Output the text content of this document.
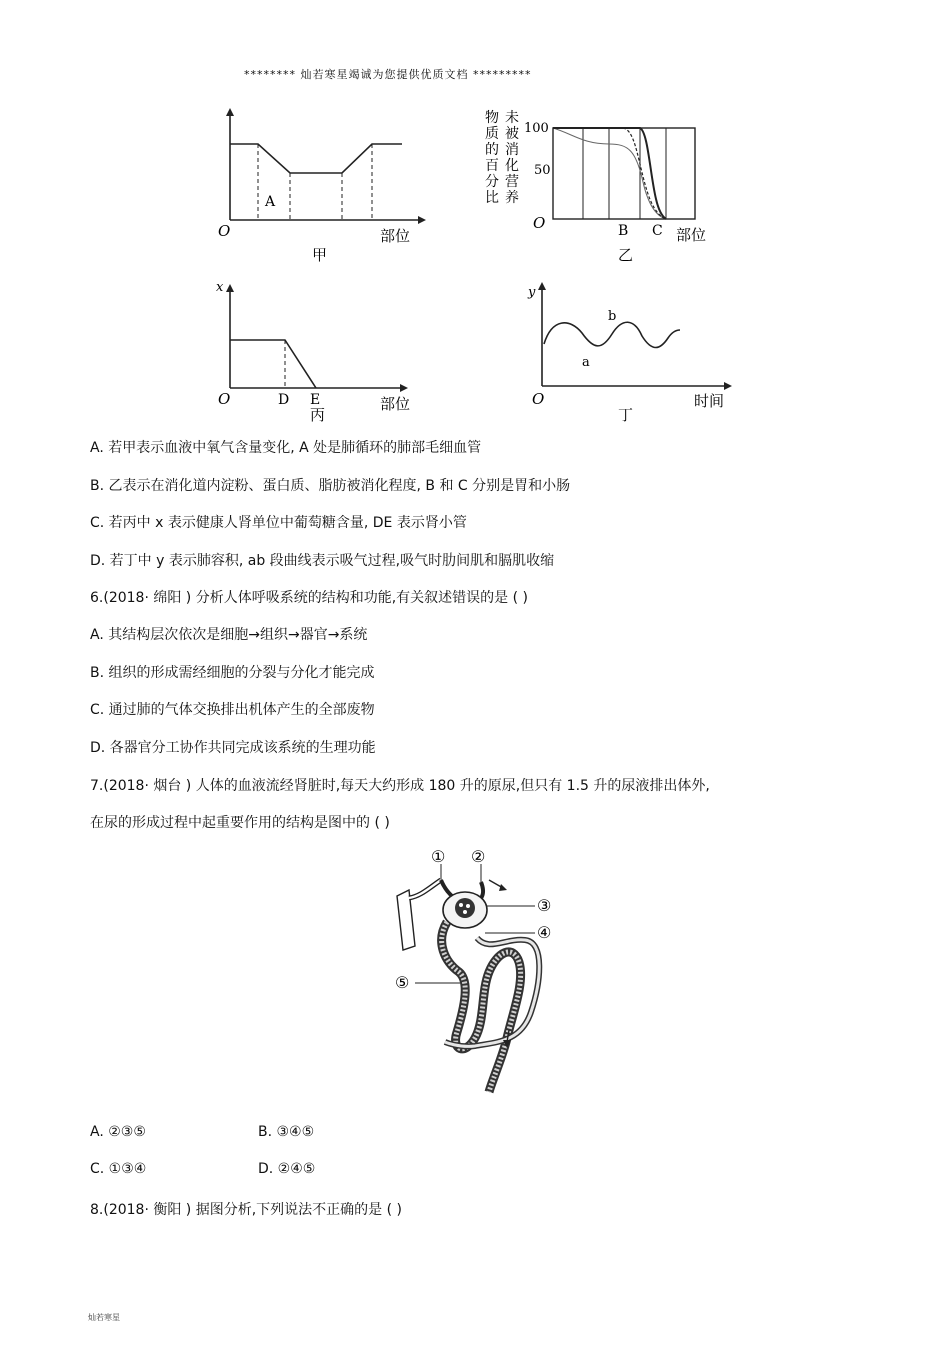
******** 灿若寒星竭诚为您提供优质文档 *********
A
O	部位
甲
未
被
消
化
营
养
物
质
的
百
分
比
100
50
O	B C 部位
乙
x
O	D E
丙
部位
y
a
b
O
丁
时间
A. 若甲表示血液中氧气含量变化, A 处是肺循环的肺部毛细血管
B. 乙表示在消化道内淀粉、蛋白质、脂肪被消化程度, B 和 C 分别是胃和小肠
C. 若丙中 x 表示健康人肾单位中葡萄糖含量, DE 表示肾小管
D. 若丁中 y 表示肺容积, ab 段曲线表示吸气过程,吸气时肋间肌和膈肌收缩
6.(2018· 绵阳 ) 分析人体呼吸系统的结构和功能,有关叙述错误的是 ( )
A. 其结构层次依次是细胞→组织→器官→系统
B. 组织的形成需经细胞的分裂与分化才能完成
C. 通过肺的气体交换排出机体产生的全部废物
D. 各器官分工协作共同完成该系统的生理功能
7.(2018· 烟台 ) 人体的血液流经肾脏时,每天大约形成 180 升的原尿,但只有 1.5 升的尿液排出体外,
在尿的形成过程中起重要作用的结构是图中的 ( )
① ②
③
④
⑤
A. ②③⑤	B. ③④⑤
C. ①③④	D. ②④⑤
8.(2018· 衡阳 ) 据图分析,下列说法不正确的是 ( )
灿若寒星
